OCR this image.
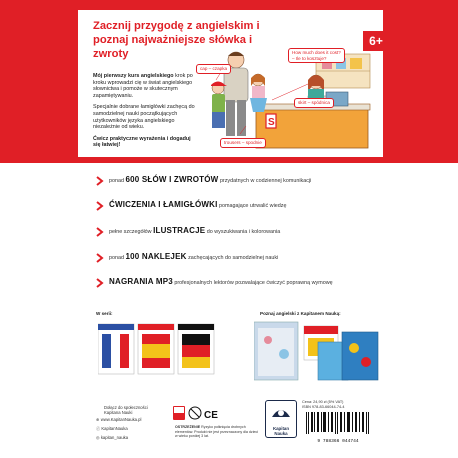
Zacznij przygodę z angielskim i poznaj najważniejsze słówka i zwroty
6+

Mój pierwszy kurs angielskiego krok po kroku wprowadzi cię w świat angielskiego słownictwa i pomoże w skutecznym zapamiętywaniu.

Specjalnie dobrane łamigłówki zachęcą do samodzielnej nauki początkujących użytkowników języka angielskiego niezależnie od wieku.

Ćwicz praktyczne wyrażenia i dogaduj się łatwiej!

S
cap – czapka
How much does it cost?
– Ile to kosztuje?
skirt – spódnica
trousers – spodnie
ponad 600 SŁÓW I ZWROTÓW przydatnych w codziennej komunikacji
ĆWICZENIA I ŁAMIGŁÓWKI pomagające utrwalić wiedzę
pełne szczegółów ILUSTRACJE do wyszukiwania i kolorowania
ponad 100 NAKLEJEK zachęcających do samodzielnej nauki
NAGRANIA MP3 profesjonalnych lektorów pozwalające ćwiczyć poprawną wymowę
W serii:	Poznaj angielski z Kapitanem Nauką:
Dołącz do społeczności
Kapitana Nauki
⊕ www.KapitanNauka.pl
ⓕ KapitanNauka
◎ kapitan_nauka
CE
OSTRZEŻENIE Ryzyko połknięcia drobnych elementów. Produkt nie jest przeznaczony dla dzieci w wieku poniżej 3 lat.
Kapitan Nauka
Cena: 24,90 zł (5% VAT)
ISBN 978-83-66044-74-4
9 788366 044744
